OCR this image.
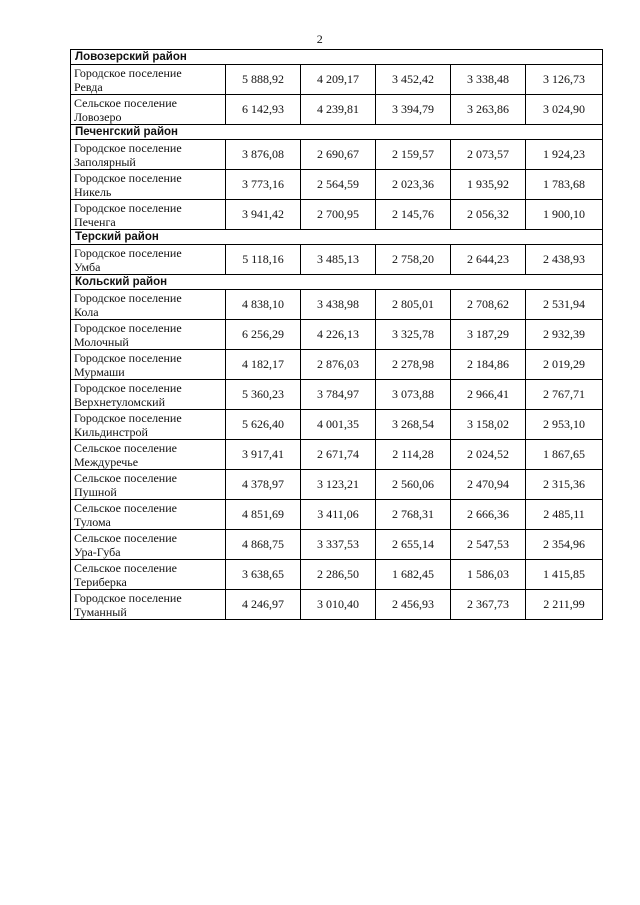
2
Ловозерский район					

Городское поселение
Ревда	5 888,92	4 209,17	3 452,42	3 338,48	3 126,73

Сельское поселение
Ловозеро	6 142,93	4 239,81	3 394,79	3 263,86	3 024,90
Печенгский район					

Городское поселение
Заполярный	3 876,08	2 690,67	2 159,57	2 073,57	1 924,23

Городское поселение
Никель	3 773,16	2 564,59	2 023,36	1 935,92	1 783,68

Городское поселение
Печенга	3 941,42	2 700,95	2 145,76	2 056,32	1 900,10
Терский район					

Городское поселение
Умба	5 118,16	3 485,13	2 758,20	2 644,23	2 438,93
Кольский район					

Городское поселение
Кола	4 838,10	3 438,98	2 805,01	2 708,62	2 531,94

Городское поселение
Молочный	6 256,29	4 226,13	3 325,78	3 187,29	2 932,39

Городское поселение
Мурмаши	4 182,17	2 876,03	2 278,98	2 184,86	2 019,29

Городское поселение
Верхнетуломский	5 360,23	3 784,97	3 073,88	2 966,41	2 767,71

Городское поселение
Кильдинстрой	5 626,40	4 001,35	3 268,54	3 158,02	2 953,10

Сельское поселение
Междуречье	3 917,41	2 671,74	2 114,28	2 024,52	1 867,65

Сельское поселение
Пушной	4 378,97	3 123,21	2 560,06	2 470,94	2 315,36

Сельское поселение
Тулома	4 851,69	3 411,06	2 768,31	2 666,36	2 485,11

Сельское поселение
Ура-Губа	4 868,75	3 337,53	2 655,14	2 547,53	2 354,96

Сельское поселение
Териберка	3 638,65	2 286,50	1 682,45	1 586,03	1 415,85

Городское поселение
Туманный	4 246,97	3 010,40	2 456,93	2 367,73	2 211,99
